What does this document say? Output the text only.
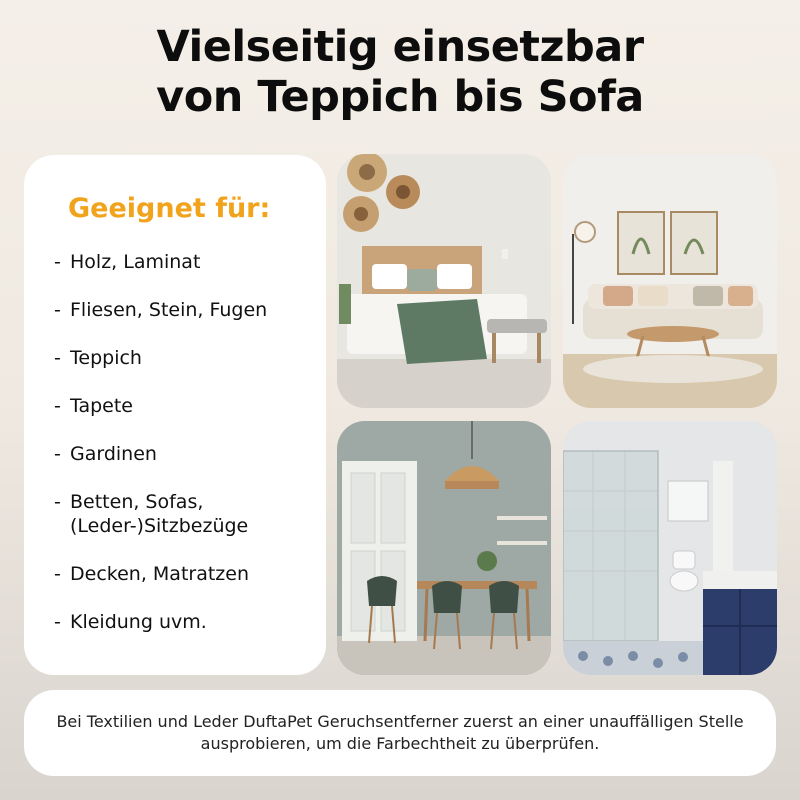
Vielseitig einsetzbar
von Teppich bis Sofa
Geeignet für:
- Holz, Laminat
- Fliesen, Stein, Fugen
- Teppich
- Tapete
- Gardinen
- Betten, Sofas,
(Leder-)Sitzbezüge
- Decken, Matratzen
- Kleidung uvm.
Bei Textilien und Leder DuftaPet Geruchsentferner zuerst an einer unauffälligen Stelle ausprobieren, um die Farbechtheit zu überprüfen.
